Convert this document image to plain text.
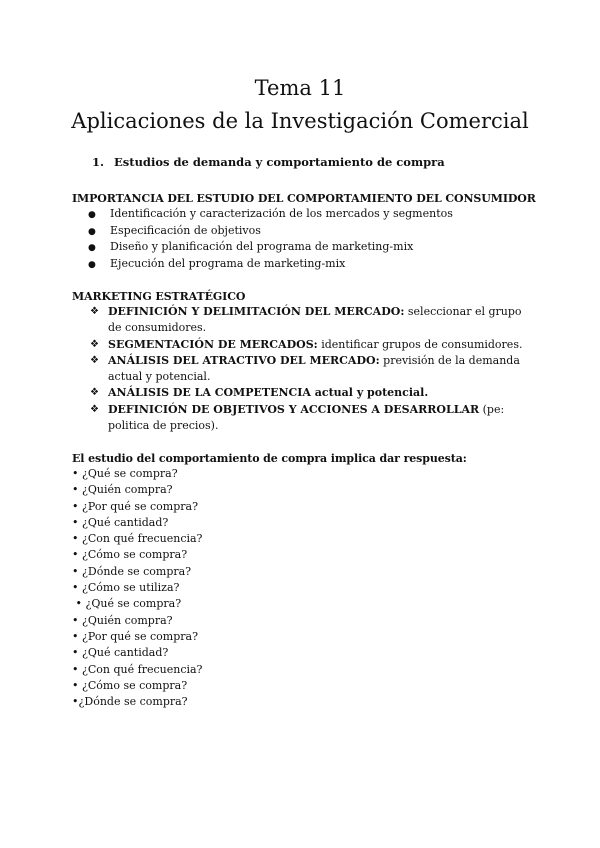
Tema 11
Aplicaciones de la Investigación Comercial
1. Estudios de demanda y comportamiento de compra
IMPORTANCIA DEL ESTUDIO DEL COMPORTAMIENTO DEL CONSUMIDOR
● Identificación y caracterización de los mercados y segmentos
● Especificación de objetivos
● Diseño y planificación del programa de marketing-mix
● Ejecución del programa de marketing-mix
MARKETING ESTRATÉGICO
❖ DEFINICIÓN Y DELIMITACIÓN DEL MERCADO: seleccionar el grupo de consumidores.
❖ SEGMENTACIÓN DE MERCADOS: identificar grupos de consumidores.
❖ ANÁLISIS DEL ATRACTIVO DEL MERCADO: previsión de la demanda actual y potencial.
❖ ANÁLISIS DE LA COMPETENCIA actual y potencial.
❖ DEFINICIÓN DE OBJETIVOS Y ACCIONES A DESARROLLAR (pe: politica de precios).
El estudio del comportamiento de compra implica dar respuesta:
• ¿Qué se compra?
• ¿Quién compra?
• ¿Por qué se compra?
• ¿Qué cantidad?
• ¿Con qué frecuencia?
• ¿Cómo se compra?
• ¿Dónde se compra?
• ¿Cómo se utiliza?
• ¿Qué se compra?
• ¿Quién compra?
• ¿Por qué se compra?
• ¿Qué cantidad?
• ¿Con qué frecuencia?
• ¿Cómo se compra?
•¿Dónde se compra?
